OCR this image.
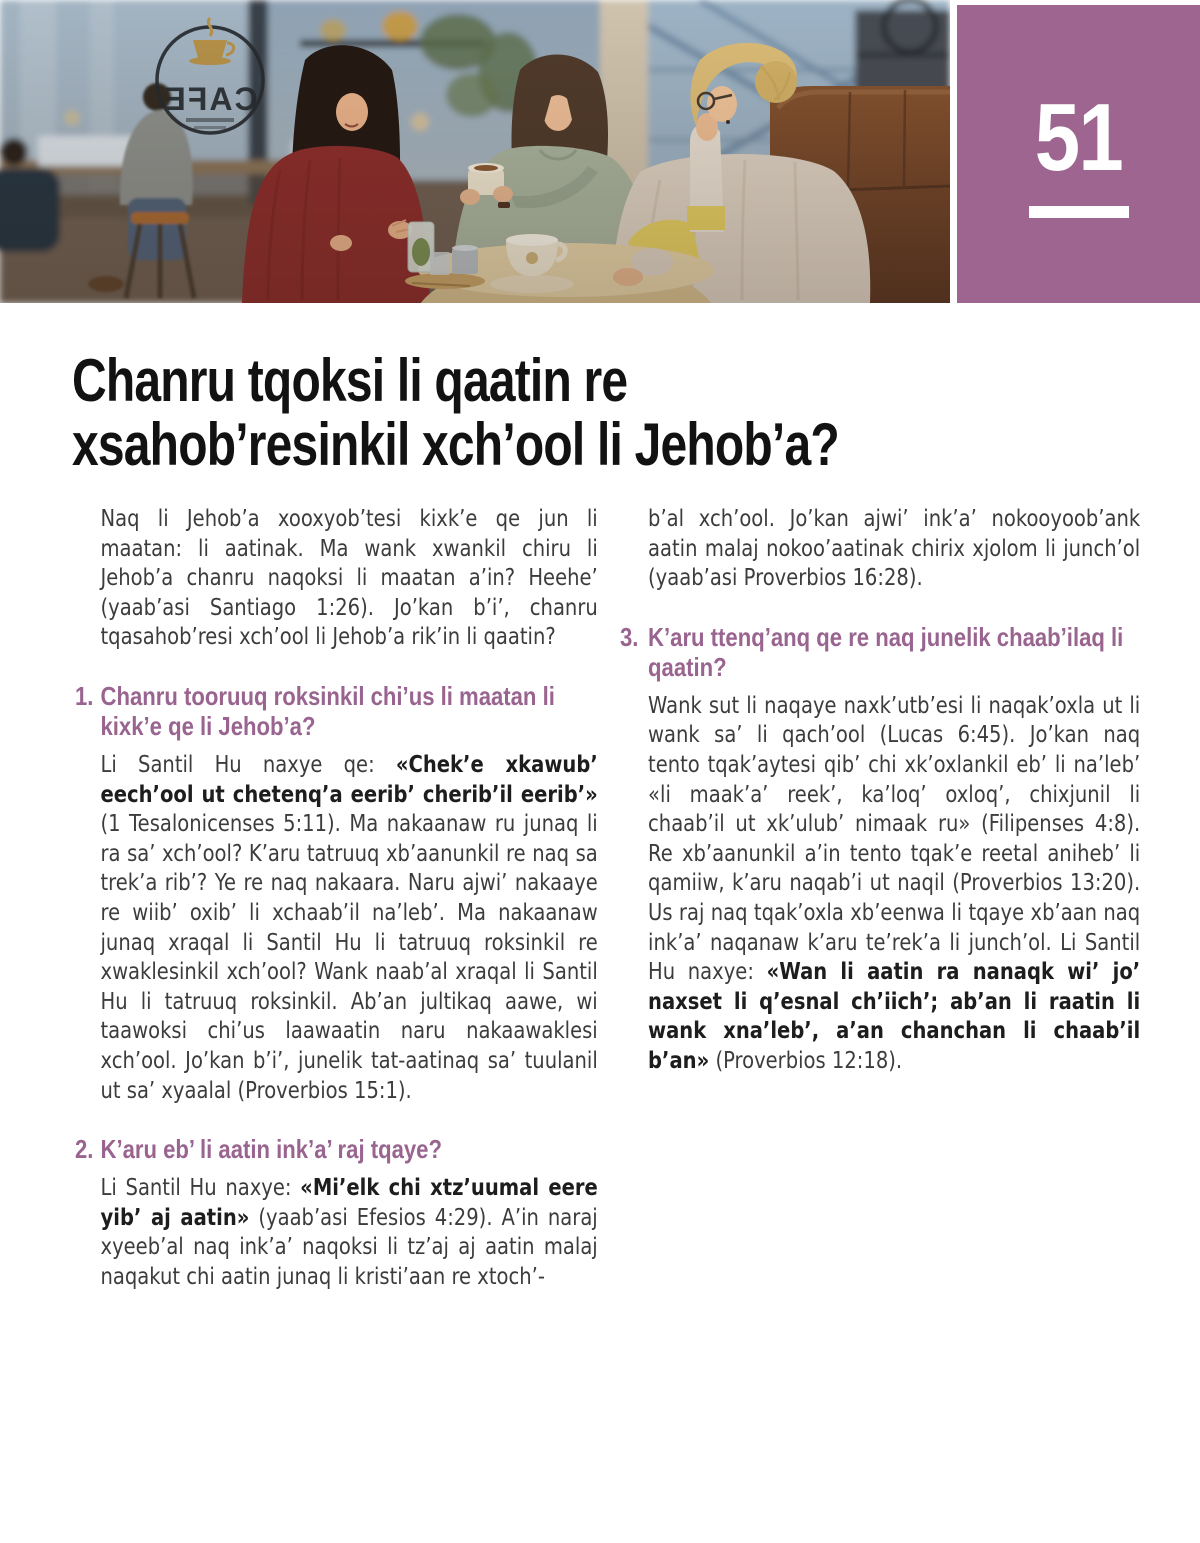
51
Chanru tqoksi li qaatin re
xsahob’resinkil xch’ool li Jehob’a?

Naq li Jehob’a xooxyob’tesi kixk’e qe jun li maatan: li aatinak. Ma wank xwankil chiru li Jehob’a chanru naqoksi li maatan a’in? Heehe’ (yaab’asi Santiago 1:26). Jo’kan b’i’, chanru tqasahob’resi xch’ool li Jehob’a rik’in li qaatin?

1. Chanru tooruuq roksinkil chi’us li maatan li kixk’e qe li Jehob’a?

Li Santil Hu naxye qe: «Chek’e xkawub’ eech’ool ut chetenq’a eerib’ cherib’il eerib’» (1 Tesalonicenses 5:11). Ma nakaanaw ru junaq li ra sa’ xch’ool? K’aru tatruuq xb’aanunkil re naq sa trek’a rib’? Ye re naq nakaara. Naru ajwi’ nakaaye re wiib’ oxib’ li xchaab’il na’leb’. Ma nakaanaw junaq xraqal li Santil Hu li tatruuq roksinkil re xwaklesinkil xch’ool? Wank naab’al xraqal li Santil Hu li tatruuq roksinkil. Ab’an jultikaq aawe, wi taawoksi chi’us laawaatin naru nakaawaklesi xch’ool. Jo’kan b’i’, junelik tat-aatinaq sa’ tuulanil ut sa’ xyaalal (Proverbios 15:1).

2. K’aru eb’ li aatin ink’a’ raj tqaye?

Li Santil Hu naxye: «Mi’elk chi xtz’uumal eere yib’ aj aatin» (yaab’asi Efesios 4:29). A’in naraj xyeeb’al naq ink’a’ naqoksi li tz’aj aj aatin malaj naqakut chi aatin junaq li kristi’aan re xtoch’-

b’al xch’ool. Jo’kan ajwi’ ink’a’ nokooyoob’ank aatin malaj nokoo’aatinak chirix xjolom li junch’ol (yaab’asi Proverbios 16:28).

3. K’aru ttenq’anq qe re naq junelik chaab’ilaq li qaatin?

Wank sut li naqaye naxk’utb’esi li naqak’oxla ut li wank sa’ li qach’ool (Lucas 6:45). Jo’kan naq tento tqak’aytesi qib’ chi xk’oxlankil eb’ li na’leb’ «li maak’a’ reek’, ka’loq’ oxloq’, chixjunil li chaab’il ut xk’ulub’ nimaak ru» (Filipenses 4:8). Re xb’aanunkil a’in tento tqak’e reetal aniheb’ li qamiiw, k’aru naqab’i ut naqil (Proverbios 13:20). Us raj naq tqak’oxla xb’eenwa li tqaye xb’aan naq ink’a’ naqanaw k’aru te’rek’a li junch’ol. Li Santil Hu naxye: «Wan li aatin ra nanaqk wi’ jo’ naxset li q’esnal ch’iich’; ab’an li raatin li wank xna’leb’, a’an chanchan li chaab’il b’an» (Proverbios 12:18).
